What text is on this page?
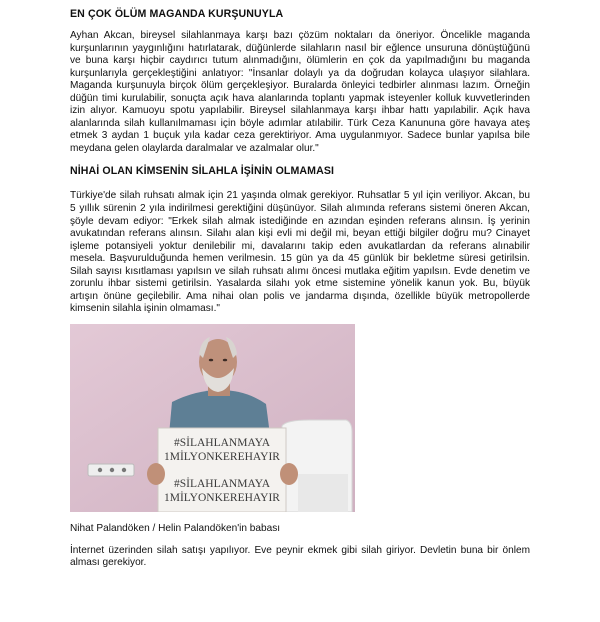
EN ÇOK ÖLÜM MAGANDA KURŞUNUYLA

Ayhan Akcan, bireysel silahlanmaya karşı bazı çözüm noktaları da öneriyor. Öncelikle maganda kurşunlarının yaygınlığını hatırlatarak, düğünlerde silahların nasıl bir eğlence unsuruna dönüştüğünü ve buna karşı hiçbir caydırıcı tutum alınmadığını, ölümlerin en çok da yapılmadığını bu maganda kurşunlarıyla gerçekleştiğini anlatıyor: "İnsanlar dolaylı ya da doğrudan kolayca ulaşıyor silahlara. Maganda kurşunuyla birçok ölüm gerçekleşiyor. Buralarda önleyici tedbirler alınması lazım. Örneğin düğün timi kurulabilir, sonuçta açık hava alanlarında toplantı yapmak isteyenler kolluk kuvvetlerinden izin alıyor. Kamuoyu spotu yapılabilir. Bireysel silahlanmaya karşı ihbar hattı yapılabilir. Açık hava alanlarında silah kullanılmaması için böyle adımlar atılabilir. Türk Ceza Kanununa göre havaya ateş etmek 3 aydan 1 buçuk yıla kadar ceza gerektiriyor. Ama uygulanmıyor. Sadece bunlar yapılsa bile meydana gelen olaylarda daralmalar ve azalmalar olur."

NİHAİ OLAN KİMSENİN SİLAHLA İŞİNİN OLMAMASI

Türkiye'de silah ruhsatı almak için 21 yaşında olmak gerekiyor. Ruhsatlar 5 yıl için veriliyor. Akcan, bu 5 yıllık sürenin 2 yıla indirilmesi gerektiğini düşünüyor. Silah alımında referans sistemi öneren Akcan, şöyle devam ediyor: "Erkek silah almak istediğinde en azından eşinden referans alınsın. İş yerinin avukatından referans alınsın. Silahı alan kişi evli mi değil mi, beyan ettiği bilgiler doğru mu? Cinayet işleme potansiyeli yoktur denilebilir mi, davalarını takip eden avukatlardan da referans alınabilir mesela. Başvurulduğunda hemen verilmesin. 15 gün ya da 45 günlük bir bekletme süresi getirilsin. Silah sayısı kısıtlaması yapılsın ve silah ruhsatı alımı öncesi mutlaka eğitim yapılsın. Evde denetim ve zorunlu ihbar sistemi getirilsin. Yasalarda silahı yok etme sistemine yönelik kanun yok. Bu, büyük artışın önüne geçilebilir. Ama nihai olan polis ve jandarma dışında, özellikle büyük metropollerde kimsenin silahla işinin olmaması."

#SİLAHLANMAYA
1MİLYONKEREHAYIR
#SİLAHLANMAYA
1MİLYONKEREHAYIR
Nihat Palandöken / Helin Palandöken'in babası

İnternet üzerinden silah satışı yapılıyor. Eve peynir ekmek gibi silah giriyor. Devletin buna bir önlem alması gerekiyor.
